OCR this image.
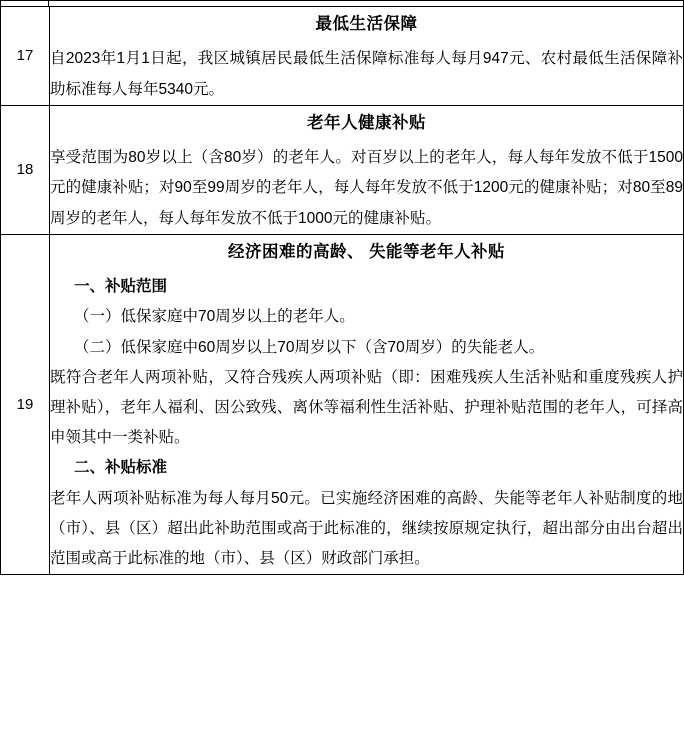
17	最低生活保障

自2023年1月1日起，我区城镇居民最低生活保障标准每人每月947元、农村最低生活保障补助标准每人每年5340元。

18	老年人健康补贴

享受范围为80岁以上（含80岁）的老年人。对百岁以上的老年人，每人每年发放不低于1500元的健康补贴；对90至99周岁的老年人，每人每年发放不低于1200元的健康补贴；对80至89周岁的老年人，每人每年发放不低于1000元的健康补贴。

19	
经济困难的高龄、 失能等老年人补贴

一、补贴范围

（一）低保家庭中70周岁以上的老年人。

（二）低保家庭中60周岁以上70周岁以下（含70周岁）的失能老人。

既符合老年人两项补贴，又符合残疾人两项补贴（即：困难残疾人生活补贴和重度残疾人护理补贴），老年人福利、因公致残、离休等福利性生活补贴、护理补贴范围的老年人，可择高申领其中一类补贴。

二、补贴标准

老年人两项补贴标准为每人每月50元。已实施经济困难的高龄、失能等老年人补贴制度的地（市）、县（区）超出此补助范围或高于此标准的，继续按原规定执行，超出部分由出台超出范围或高于此标准的地（市）、县（区）财政部门承担。
